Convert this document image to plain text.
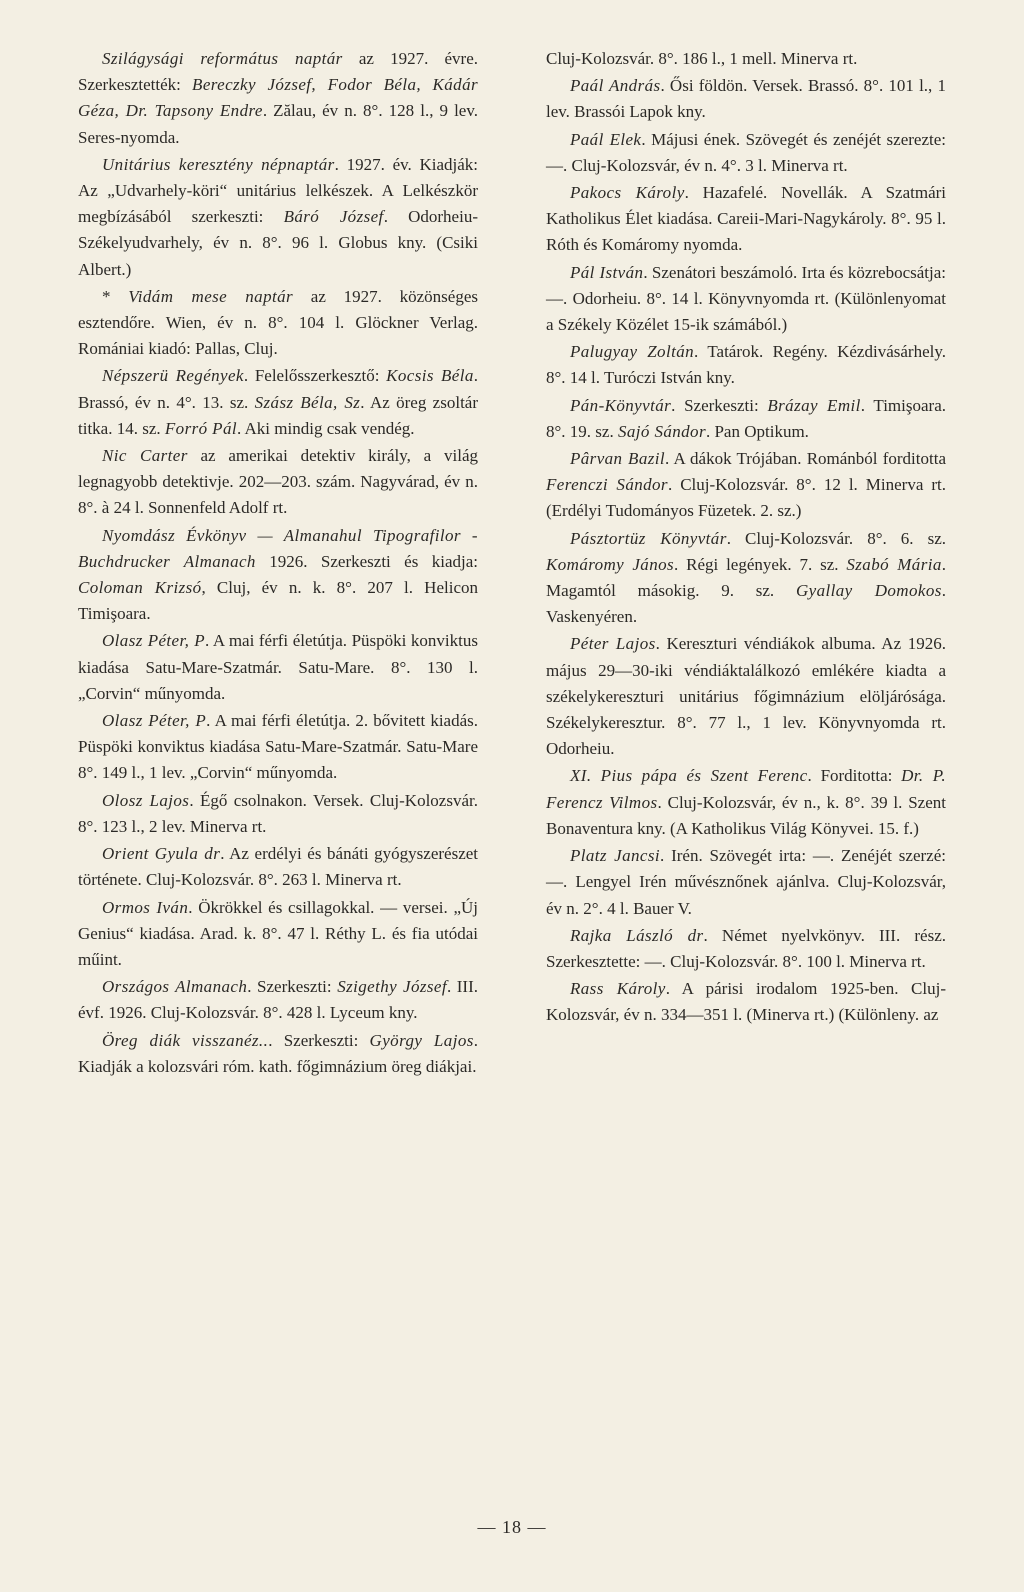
Szilágysági református naptár az 1927. évre. Szerkesztették: Bereczky József, Fodor Béla, Kádár Géza, Dr. Tapsony Endre. Zălau, év n. 8°. 128 l., 9 lev. Seres-nyomda.

Unitárius keresztény népnaptár. 1927. év. Kiadják: Az „Udvarhely-köri“ unitárius lelkészek. A Lelkészkör megbízásából szerkeszti: Báró József. Odorheiu-Székelyudvarhely, év n. 8°. 96 l. Globus kny. (Csiki Albert.)

* Vidám mese naptár az 1927. közönséges esztendőre. Wien, év n. 8°. 104 l. Glöckner Verlag. Romániai kiadó: Pallas, Cluj.

Népszerü Regények. Felelősszerkesztő: Kocsis Béla. Brassó, év n. 4°. 13. sz. Szász Béla, Sz. Az öreg zsoltár titka. 14. sz. Forró Pál. Aki mindig csak vendég.

Nic Carter az amerikai detektiv király, a világ legnagyobb detektivje. 202—203. szám. Nagyvárad, év n. 8°. à 24 l. Sonnenfeld Adolf rt.

Nyomdász Évkönyv — Almanahul Tipografilor - Buchdrucker Almanach 1926. Szerkeszti és kiadja: Coloman Krizsó, Cluj, év n. k. 8°. 207 l. Helicon Timişoara.

Olasz Péter, P. A mai férfi életútja. Püspöki konviktus kiadása Satu-Mare-Szatmár. Satu-Mare. 8°. 130 l. „Corvin“ műnyomda.

Olasz Péter, P. A mai férfi életútja. 2. bővitett kiadás. Püspöki konviktus kiadása Satu-Mare-Szatmár. Satu-Mare 8°. 149 l., 1 lev. „Corvin“ műnyomda.

Olosz Lajos. Égő csolnakon. Versek. Cluj-Kolozsvár. 8°. 123 l., 2 lev. Minerva rt.

Orient Gyula dr. Az erdélyi és bánáti gyógyszerészet története. Cluj-Kolozsvár. 8°. 263 l. Minerva rt.

Ormos Iván. Ökrökkel és csillagokkal. — versei. „Új Genius“ kiadása. Arad. k. 8°. 47 l. Réthy L. és fia utódai műint.

Országos Almanach. Szerkeszti: Szigethy József. III. évf. 1926. Cluj-Kolozsvár. 8°. 428 l. Lyceum kny.

Öreg diák visszanéz... Szerkeszti: György Lajos. Kiadják a kolozsvári róm. kath. főgimnázium öreg diákjai.

Cluj-Kolozsvár. 8°. 186 l., 1 mell. Minerva rt.

Paál András. Ősi földön. Versek. Brassó. 8°. 101 l., 1 lev. Brassói Lapok kny.

Paál Elek. Májusi ének. Szövegét és zenéjét szerezte: —. Cluj-Kolozsvár, év n. 4°. 3 l. Minerva rt.

Pakocs Károly. Hazafelé. Novellák. A Szatmári Katholikus Élet kiadása. Careii-Mari-Nagykároly. 8°. 95 l. Róth és Komáromy nyomda.

Pál István. Szenátori beszámoló. Irta és közrebocsátja: —. Odorheiu. 8°. 14 l. Könyvnyomda rt. (Különlenyomat a Székely Közélet 15-ik számából.)

Palugyay Zoltán. Tatárok. Regény. Kézdivásárhely. 8°. 14 l. Turóczi István kny.

Pán-Könyvtár. Szerkeszti: Brázay Emil. Timişoara. 8°. 19. sz. Sajó Sándor. Pan Optikum.

Pârvan Bazil. A dákok Trójában. Románból forditotta Ferenczi Sándor. Cluj-Kolozsvár. 8°. 12 l. Minerva rt. (Erdélyi Tudományos Füzetek. 2. sz.)

Pásztortüz Könyvtár. Cluj-Kolozsvár. 8°. 6. sz. Komáromy János. Régi legények. 7. sz. Szabó Mária. Magamtól másokig. 9. sz. Gyallay Domokos. Vaskenyéren.

Péter Lajos. Kereszturi véndiákok albuma. Az 1926. május 29—30-iki véndiáktalálkozó emlékére kiadta a székelykereszturi unitárius főgimnázium elöljárósága. Székelykeresztur. 8°. 77 l., 1 lev. Könyvnyomda rt. Odorheiu.

XI. Pius pápa és Szent Ferenc. Forditotta: Dr. P. Ferencz Vilmos. Cluj-Kolozsvár, év n., k. 8°. 39 l. Szent Bonaventura kny. (A Katholikus Világ Könyvei. 15. f.)

Platz Jancsi. Irén. Szövegét irta: —. Zenéjét szerzé: —. Lengyel Irén művésznőnek ajánlva. Cluj-Kolozsvár, év n. 2°. 4 l. Bauer V.

Rajka László dr. Német nyelvkönyv. III. rész. Szerkesztette: —. Cluj-Kolozsvár. 8°. 100 l. Minerva rt.

Rass Károly. A párisi irodalom 1925-ben. Cluj-Kolozsvár, év n. 334—351 l. (Minerva rt.) (Különleny. az

— 18 —
